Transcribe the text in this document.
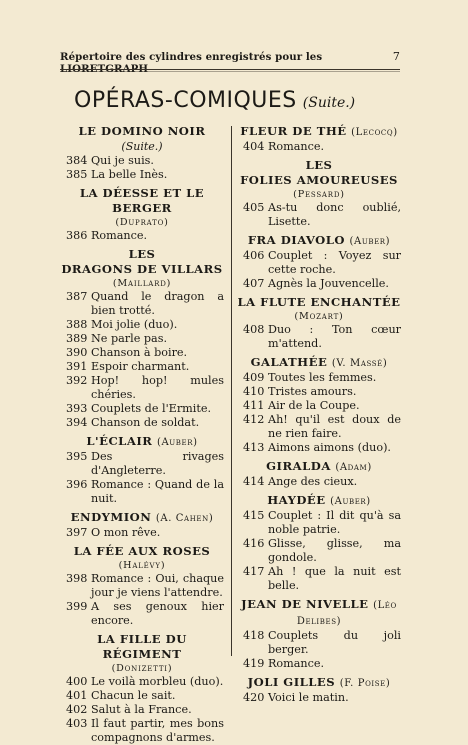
Répertoire des cylindres enregistrés pour les LIORETGRAPH
7
OPÉRAS-COMIQUES (Suite.)
LE DOMINO NOIR (Suite.)
384 Qui je suis.
385 La belle Inès.
LA DÉESSE ET LE BERGER
(Duprato)
386 Romance.
LES
DRAGONS DE VILLARS
(Maillard)
387 Quand le dragon a bien trotté.
388 Moi jolie (duo).
389 Ne parle pas.
390 Chanson à boire.
391 Espoir charmant.
392 Hop! hop! mules chéries.
393 Couplets de l'Ermite.
394 Chanson de soldat.
L'ÉCLAIR (Auber)
395 Des rivages d'Angleterre.
396 Romance : Quand de la nuit.
ENDYMION (A. Cahen)
397 O mon rêve.
LA FÉE AUX ROSES
(Halévy)
398 Romance : Oui, chaque jour je viens l'attendre.
399 A ses genoux hier encore.
LA FILLE DU RÉGIMENT
(Donizetti)
400 Le voilà morbleu (duo).
401 Chacun le sait.
402 Salut à la France.
403 Il faut partir, mes bons compagnons d'armes.
FLEUR DE THÉ (Lecocq)
404 Romance.
LES
FOLIES AMOUREUSES
(Pessard)
405 As-tu donc oublié, Lisette.
FRA DIAVOLO (Auber)
406 Couplet : Voyez sur cette roche.
407 Agnès la Jouvencelle.
LA FLUTE ENCHANTÉE
(Mozart)
408 Duo : Ton cœur m'attend.
GALATHÉE (V. Massé)
409 Toutes les femmes.
410 Tristes amours.
411 Air de la Coupe.
412 Ah! qu'il est doux de ne rien faire.
413 Aimons aimons (duo).
GIRALDA (Adam)
414 Ange des cieux.
HAYDÉE (Auber)
415 Couplet : Il dit qu'à sa noble patrie.
416 Glisse, glisse, ma gondole.
417 Ah ! que la nuit est belle.
JEAN DE NIVELLE (Léo Delibes)
418 Couplets du joli berger.
419 Romance.
JOLI GILLES (F. Poise)
420 Voici le matin.
